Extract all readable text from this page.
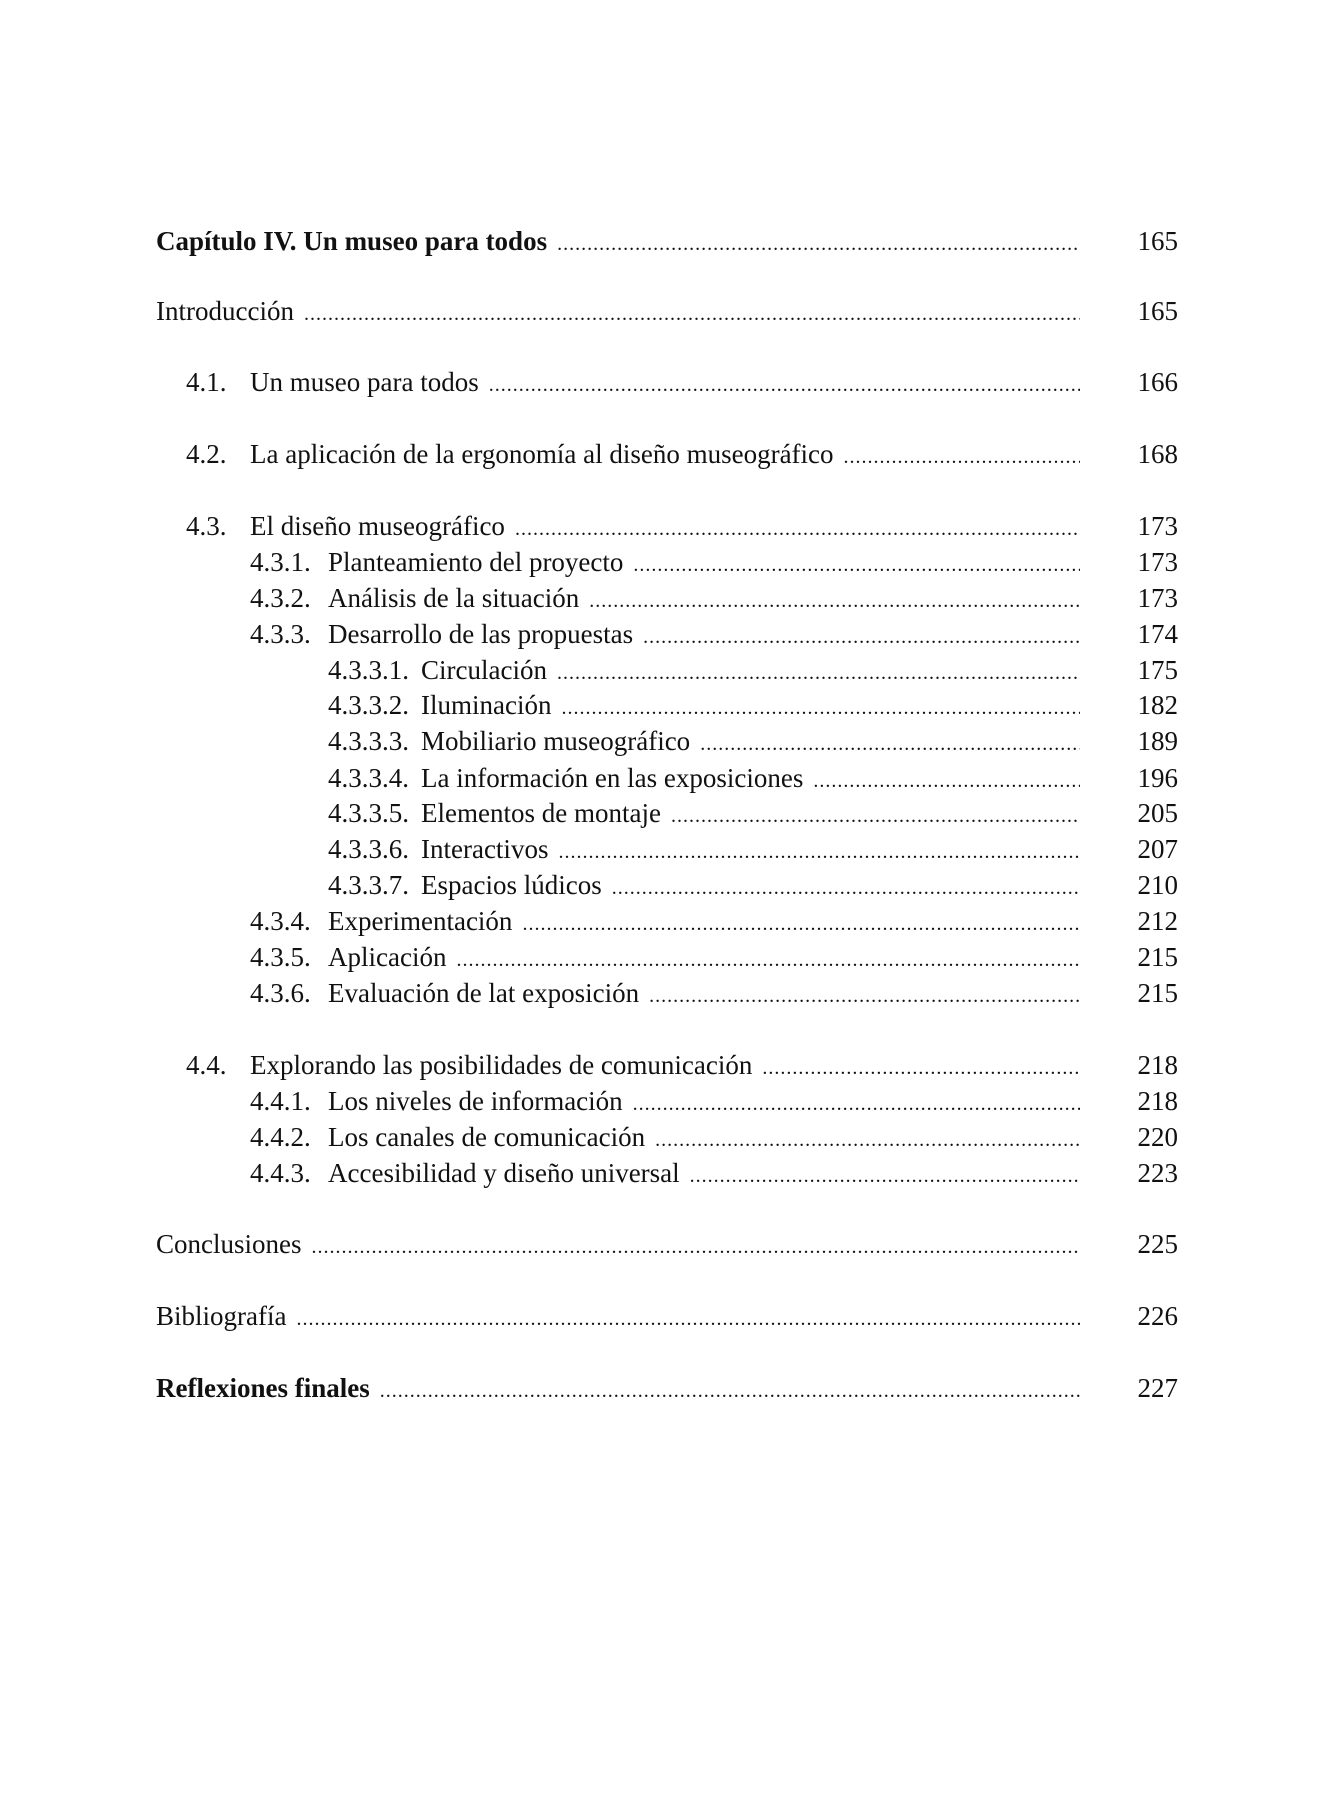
Capítulo IV. Un museo para todos . . .	165
Introducción . . .	165
4.1. Un museo para todos . . .	166
4.2. La aplicación de la ergonomía al diseño museográfico . . .	168
4.3. El diseño museográfico . . .	173
4.3.1. Planteamiento del proyecto . . .	173
4.3.2. Análisis de la situación . . .	173
4.3.3. Desarrollo de las propuestas . . .	174
4.3.3.1. Circulación . . .	175
4.3.3.2. Iluminación . . .	182
4.3.3.3. Mobiliario museográfico . . .	189
4.3.3.4. La información en las exposiciones . . .	196
4.3.3.5. Elementos de montaje . . .	205
4.3.3.6. Interactivos . . .	207
4.3.3.7. Espacios lúdicos . . .	210
4.3.4. Experimentación . . .	212
4.3.5. Aplicación . . .	215
4.3.6. Evaluación de lat exposición . . .	215
4.4. Explorando las posibilidades de comunicación . . .	218
4.4.1. Los niveles de información . . .	218
4.4.2. Los canales de comunicación . . .	220
4.4.3. Accesibilidad y diseño universal . . .	223
Conclusiones . . .	225
Bibliografía . . .	226
Reflexiones finales . . .	227
